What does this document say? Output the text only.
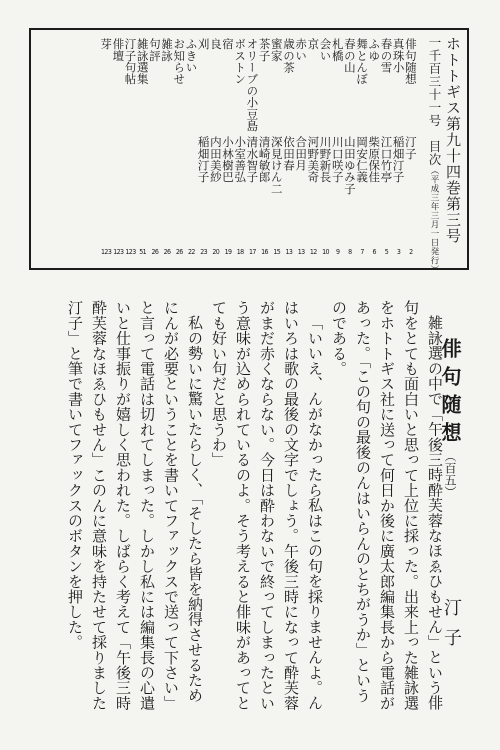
ホトトギス第九十四巻第三号
一千百三十一号　目次（平成三年三月一日発行）
俳句随想
汀子
2
真珠小
稲畑汀子
3
春の雪
江口竹亭
5
ふゆ
柴原保佳
6
舞とんぼ
岡安仁義
7
春の山
山田ゆみ子
8
札橋
川口咲子
9
会い
川野新長
10
京
河野美奇
12
赤い
合田月
13
歳の茶
依田春
13
蜜家
深見けん二
15
茶子
清崎敏郎
16
オリーブの小豆島
清水智子
17
ボストン
小室善弘
18
宿
小林樹巴
19
良
内田美紗
20
刈
稲畑汀子
23
ふきい
22
お知らせ
26
雑詠
26
句評
26
雑詠選集
51
汀子句帖
123
俳壇
123
芽
123
俳句随想（百五）
汀子

雑詠選の中で「午後三時酔芙蓉なほゑひもせん」という俳句をとても面白いと思って上位に採った。出来上った雑詠選をホトトギス社に送って何日か後に廣太郎編集長から電話があった。「この句の最後のんはいらんのとちがうか」というのである。

「いいえ、んがなかったら私はこの句を採りませんよ。んはいろは歌の最後の文字でしょう。午後三時になって酔芙蓉がまだ赤くならない。今日は酔わないで終ってしまったという意味が込められているのよ。そう考えると俳味があってとても好い句だと思うわ」

私の勢いに驚いたらしく、「そしたら皆を納得させるためにんが必要ということを書いてファックスで送って下さい」と言って電話は切れてしまった。しかし私には編集長の心遣いと仕事振りが嬉しく思われた。しばらく考えて「午後三時酔芙蓉なほゑひもせん」このんに意味を持たせて採りました汀子」と筆で書いてファックスのボタンを押した。
